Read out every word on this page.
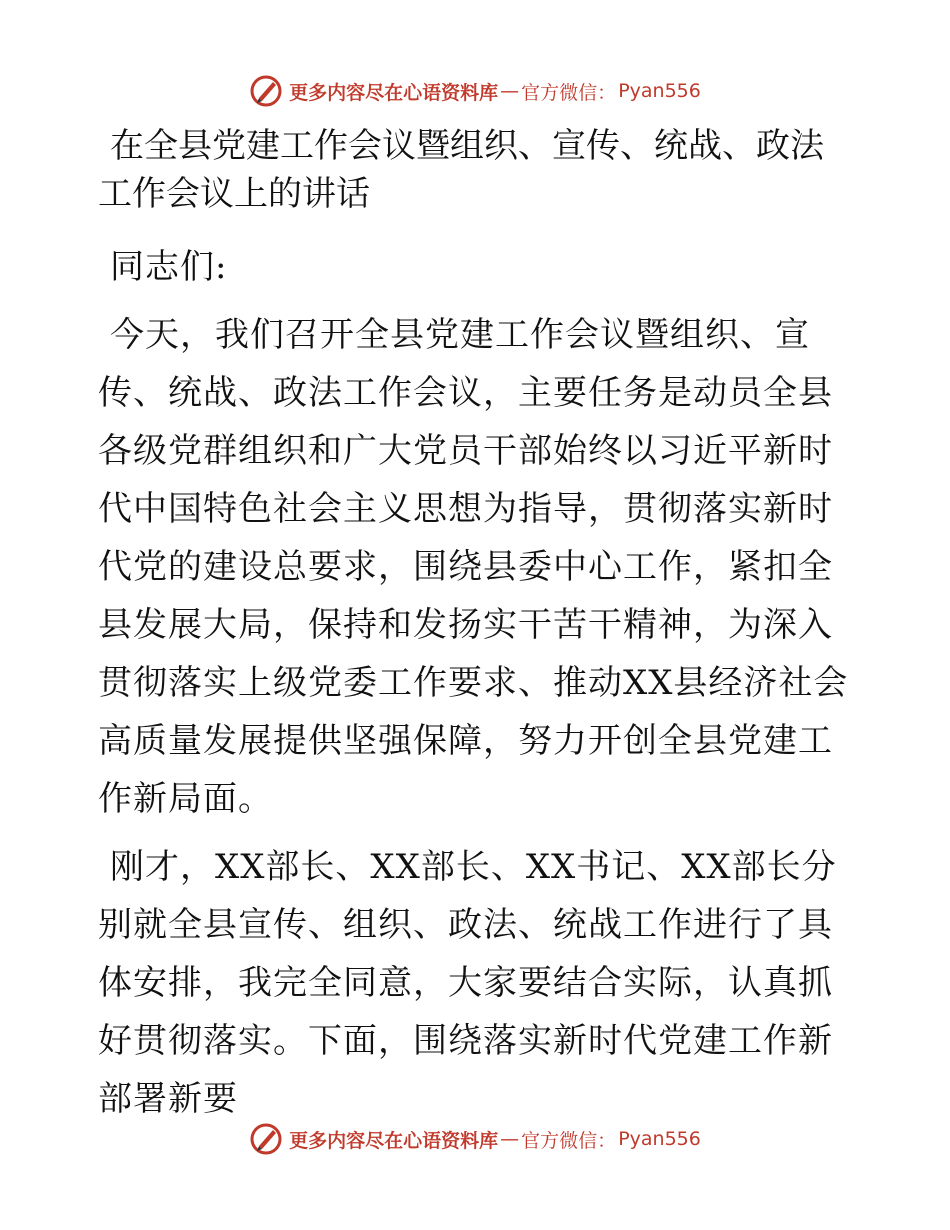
更多内容尽在心语资料库 — 官方微信： Pyan556
在全县党建工作会议暨组织、宣传、统战、政法
工作会议上的讲话

同志们:

今天，我们召开全县党建工作会议暨组织、宣传、统战、政法工作会议，主要任务是动员全县各级党群组织和广大党员干部始终以习近平新时代中国特色社会主义思想为指导，贯彻落实新时代党的建设总要求，围绕县委中心工作，紧扣全县发展大局，保持和发扬实干苦干精神，为深入贯彻落实上级党委工作要求、推动XX县经济社会高质量发展提供坚强保障，努力开创全县党建工作新局面。

刚才，XX部长、XX部长、XX书记、XX部长分别就全县宣传、组织、政法、统战工作进行了具体安排，我完全同意，大家要结合实际，认真抓好贯彻落实。下面，围绕落实新时代党建工作新部署新要

更多内容尽在心语资料库 — 官方微信： Pyan556
